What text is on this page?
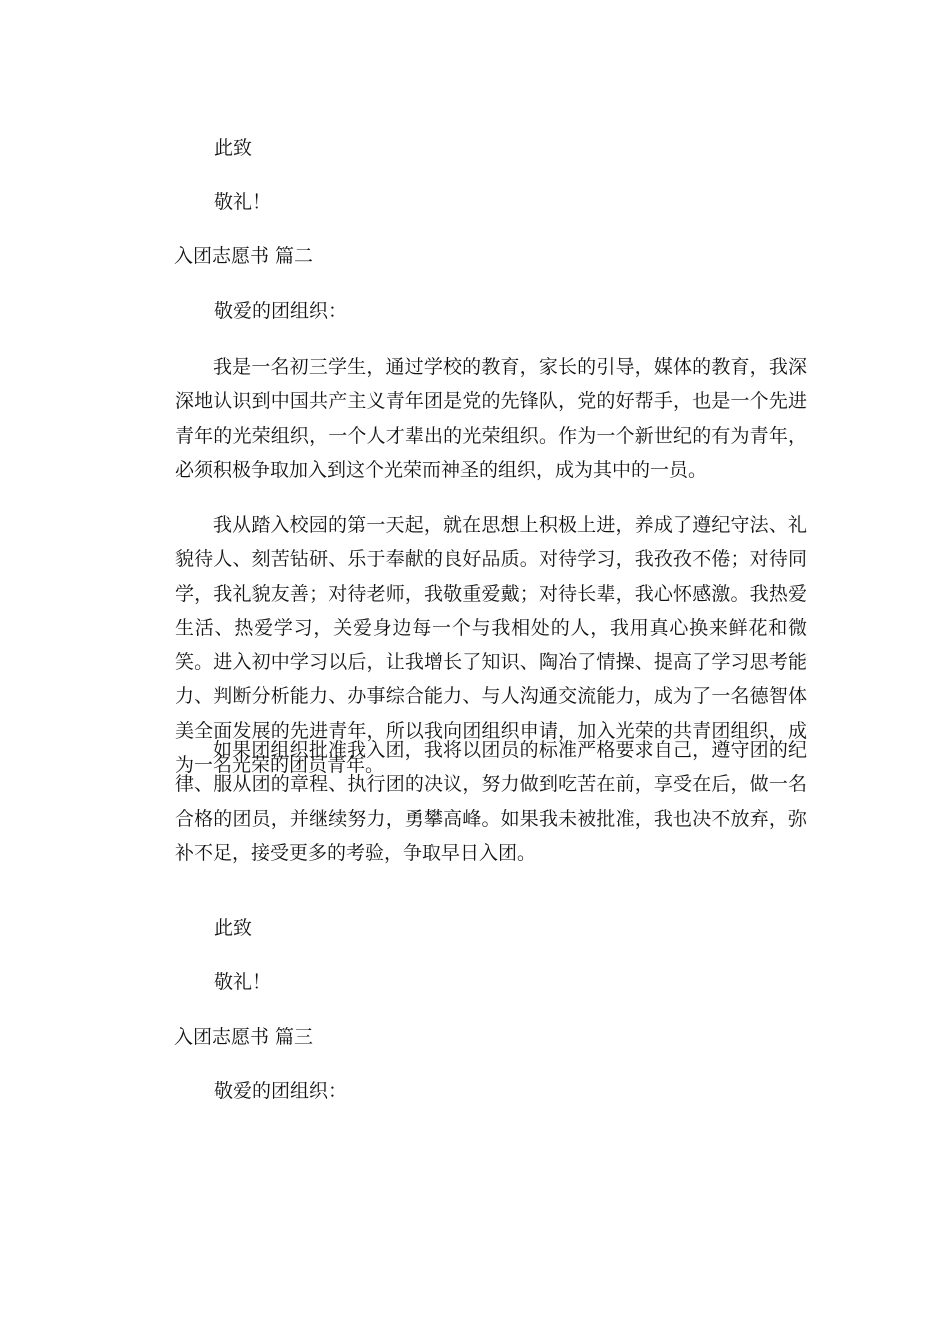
此致
敬礼！
入团志愿书 篇二
敬爱的团组织：

我是一名初三学生，通过学校的教育，家长的引导，媒体的教育，我深深地认识到中国共产主义青年团是党的先锋队，党的好帮手，也是一个先进青年的光荣组织，一个人才辈出的光荣组织。作为一个新世纪的有为青年，必须积极争取加入到这个光荣而神圣的组织，成为其中的一员。

我从踏入校园的第一天起，就在思想上积极上进，养成了遵纪守法、礼貌待人、刻苦钻研、乐于奉献的良好品质。对待学习，我孜孜不倦；对待同学，我礼貌友善；对待老师，我敬重爱戴；对待长辈，我心怀感激。我热爱生活、热爱学习，关爱身边每一个与我相处的人，我用真心换来鲜花和微笑。进入初中学习以后，让我增长了知识、陶冶了情操、提高了学习思考能力、判断分析能力、办事综合能力、与人沟通交流能力，成为了一名德智体美全面发展的先进青年，所以我向团组织申请，加入光荣的共青团组织，成为一名光荣的团员青年。

如果团组织批准我入团，我将以团员的标准严格要求自己，遵守团的纪律、服从团的章程、执行团的决议，努力做到吃苦在前，享受在后，做一名合格的团员，并继续努力，勇攀高峰。如果我未被批准，我也决不放弃，弥补不足，接受更多的考验，争取早日入团。

此致
敬礼！
入团志愿书 篇三
敬爱的团组织：
